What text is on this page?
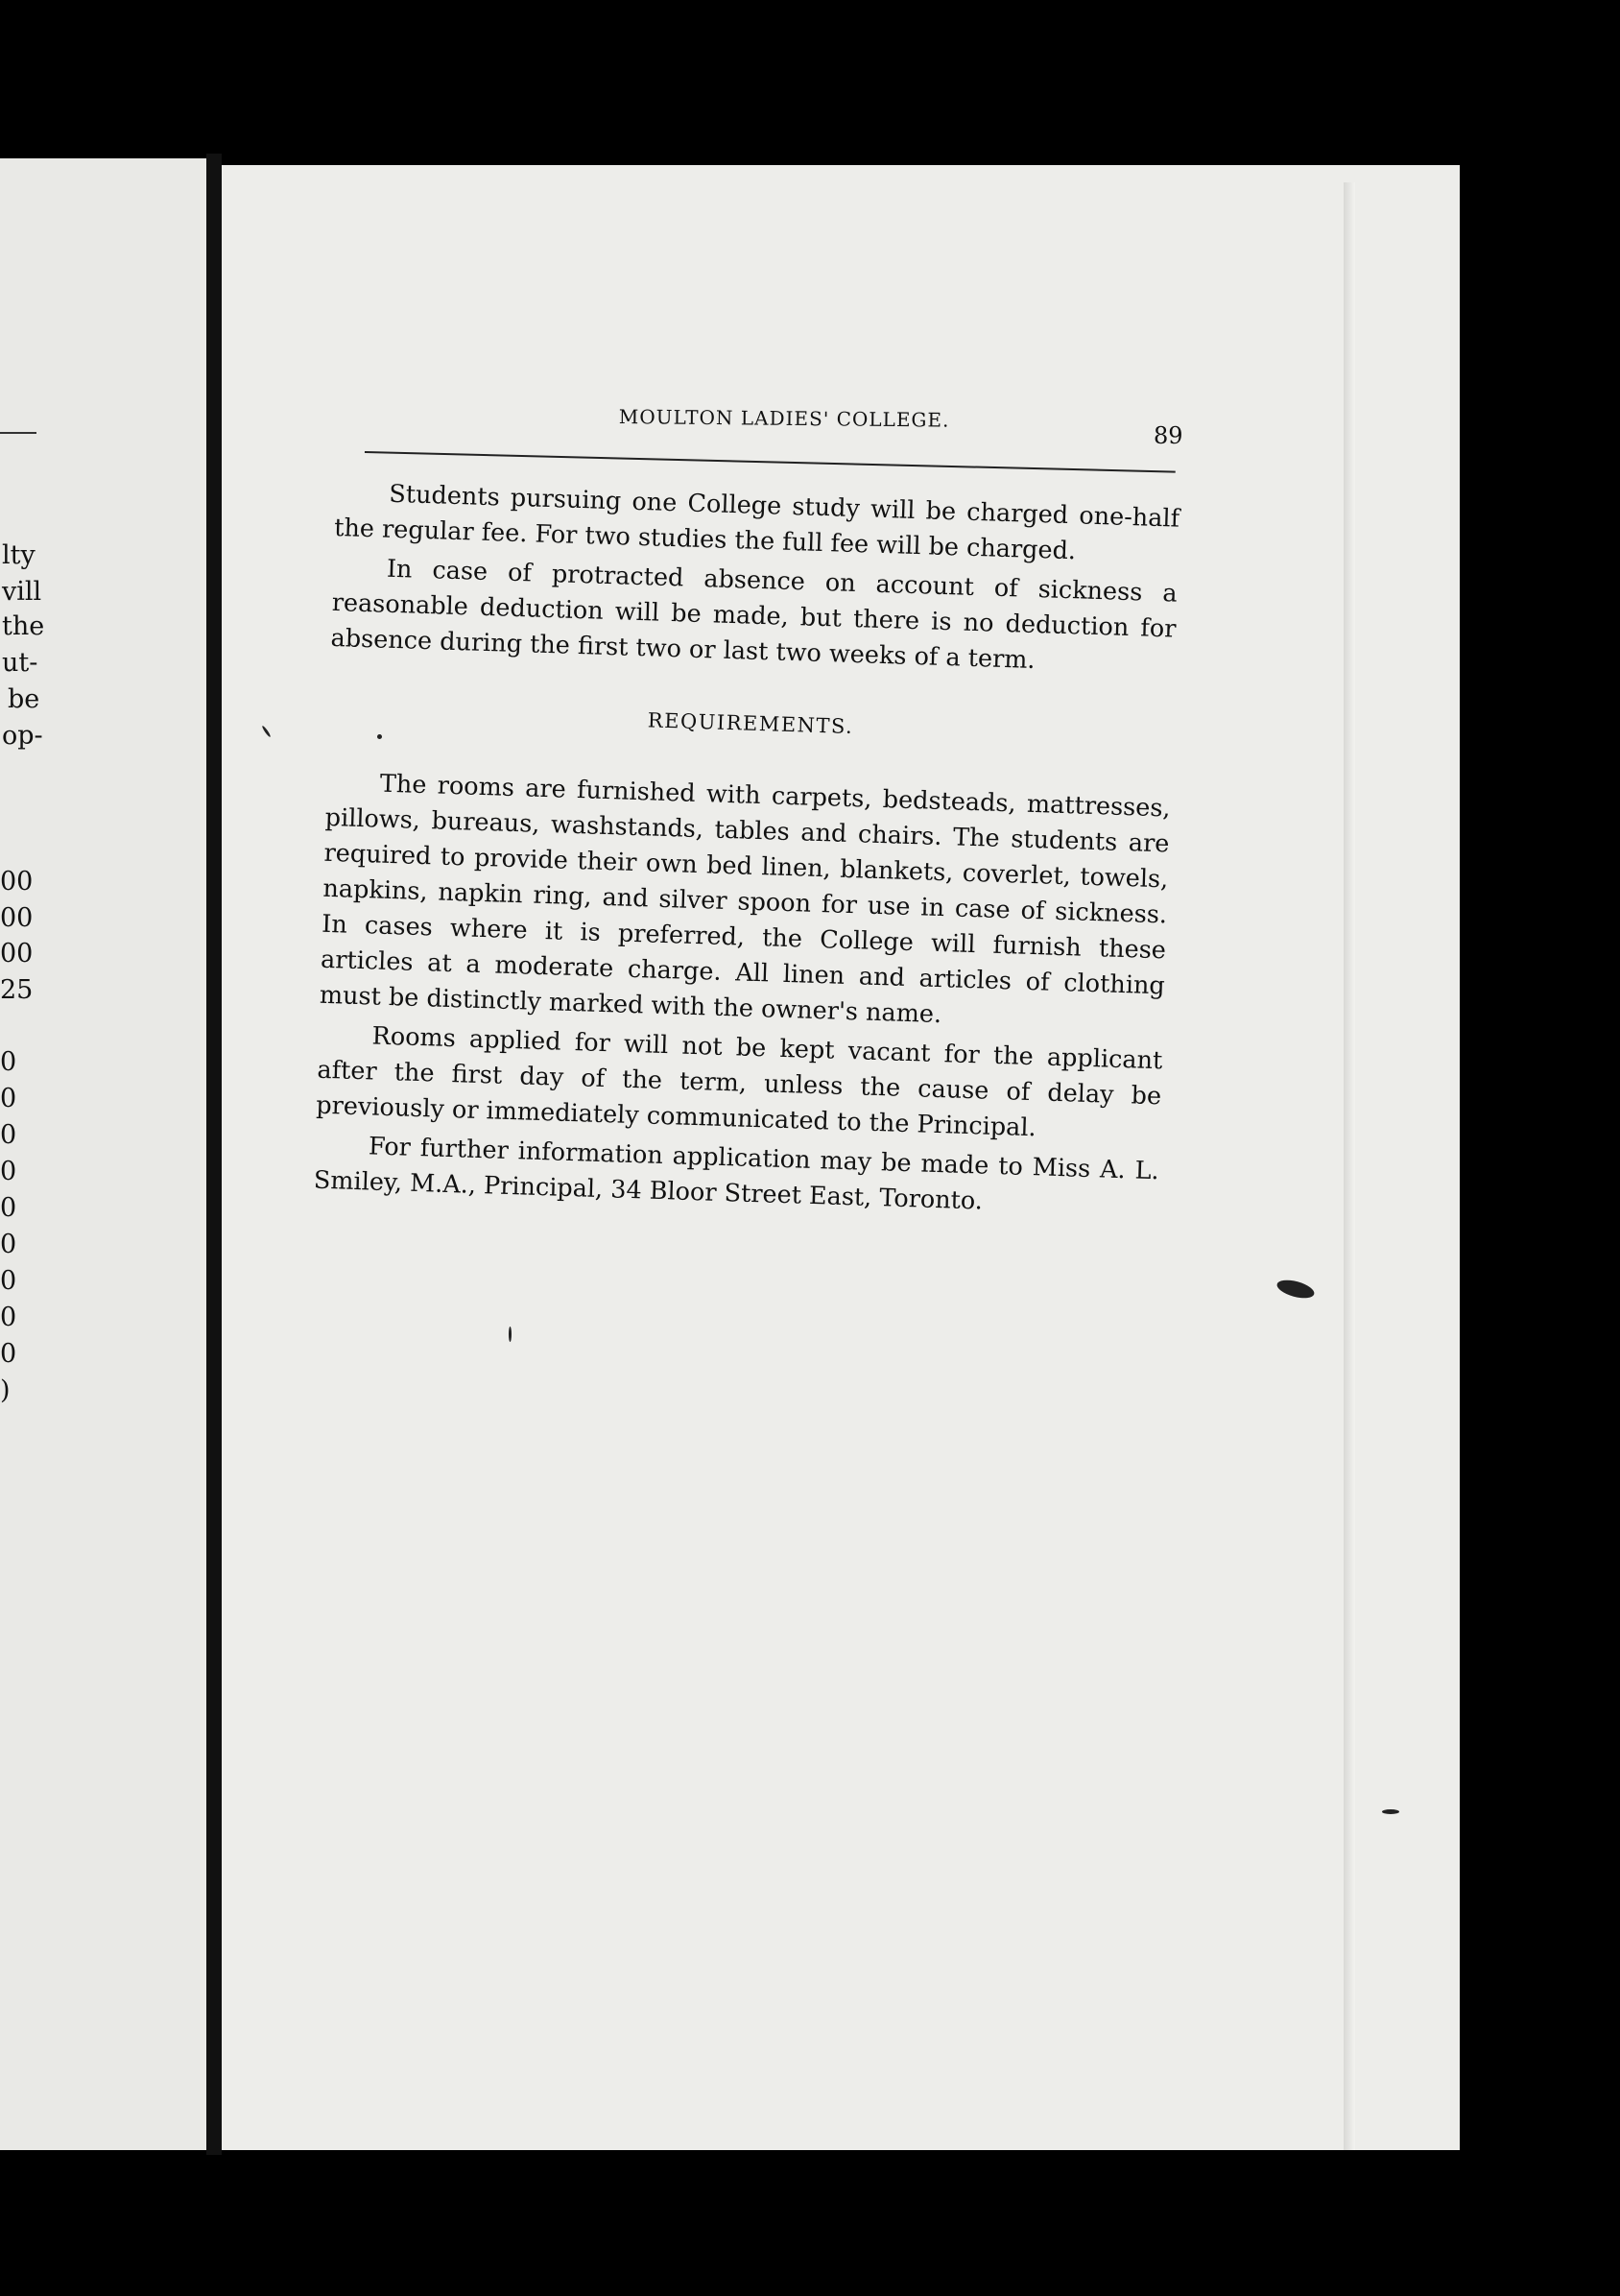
lty
vill
the
ut-
be
op-
00
00
00
25
0
0
0
0
0
0
0
0
0
)
MOULTON LADIES' COLLEGE.
89

Students pursuing one College study will be charged one-half the regular fee. For two studies the full fee will be charged.

In case of protracted absence on account of sickness a reasonable deduction will be made, but there is no deduction for absence during the first two or last two weeks of a term.

REQUIREMENTS.

The rooms are furnished with carpets, bedsteads, mattresses, pillows, bureaus, washstands, tables and chairs. The students are required to provide their own bed linen, blankets, coverlet, towels, napkins, napkin ring, and silver spoon for use in case of sickness. In cases where it is preferred, the College will furnish these articles at a moderate charge. All linen and articles of clothing must be distinctly marked with the owner's name.

Rooms applied for will not be kept vacant for the applicant after the first day of the term, unless the cause of delay be previously or immediately communicated to the Principal.

For further information application may be made to Miss A. L. Smiley, M.A., Principal, 34 Bloor Street East, Toronto.
